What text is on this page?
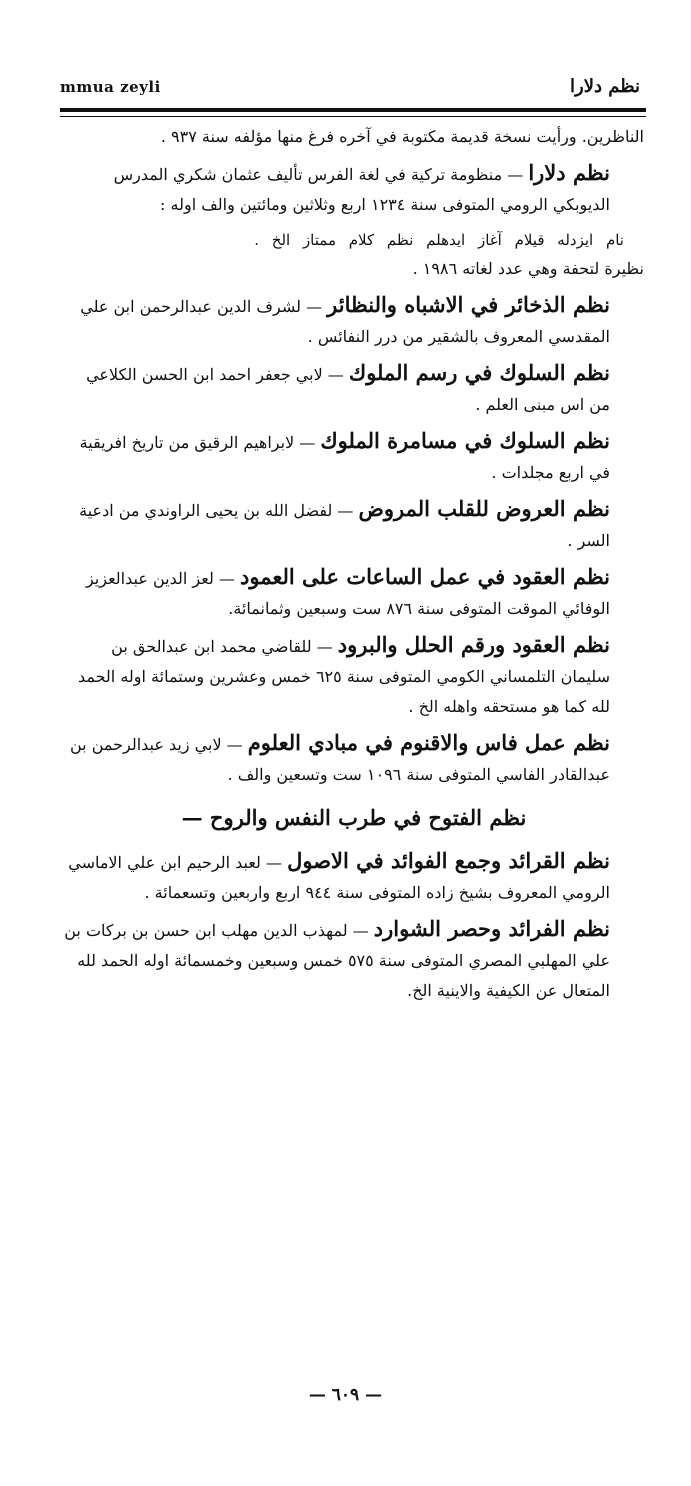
mmua zeyli	نظم دلارا
الناظرين. ورأيت نسخة قديمة مكتوبة في آخره فرغ منها مؤلفه سنة ٩٣٧ .
نظم دلارا — منظومة تركية في لغة الفرس تأليف عثمان شكري المدرس الديوبكي الرومي المتوفى سنة ١٢٣٤ اربع وثلاثين ومائتين والف اوله :
نام ايزدله قيلام آغاز ايدهلم نظم كلام ممتاز الخ .
نظيرة لتحفة وهي عدد لغاته ١٩٨٦ .
نظم الذخائر في الاشباه والنظائر — لشرف الدين عبدالرحمن ابن علي المقدسي المعروف بالشقير من درر النفائس .
نظم السلوك في رسم الملوك — لابي جعفر احمد ابن الحسن الكلاعي من اس مبنى العلم .
نظم السلوك في مسامرة الملوك — لابراهيم الرقيق من تاريخ افريقية في اربع مجلدات .
نظم العروض للقلب المروض — لفضل الله بن يحيى الراوندي من ادعية السر .
نظم العقود في عمل الساعات على العمود — لعز الدين عبدالعزيز الوفائي الموقت المتوفى سنة ٨٧٦ ست وسبعين وثمانمائة.
نظم العقود ورقم الحلل والبرود — للقاضي محمد ابن عبدالحق بن سليمان التلمساني الكومي المتوفى سنة ٦٢٥ خمس وعشرين وستمائة اوله الحمد لله كما هو مستحقه واهله الخ .
نظم عمل فاس والاقنوم في مبادي العلوم — لابي زيد عبدالرحمن بن عبدالقادر الفاسي المتوفى سنة ١٠٩٦ ست وتسعين والف .
نظم الفتوح في طرب النفس والروح —
نظم القرائد وجمع الفوائد في الاصول — لعبد الرحيم ابن علي الاماسي الرومي المعروف بشيخ زاده المتوفى سنة ٩٤٤ اربع واربعين وتسعمائة .
نظم الفرائد وحصر الشوارد — لمهذب الدين مهلب ابن حسن بن بركات بن علي المهلبي المصري المتوفى سنة ٥٧٥ خمس وسبعين وخمسمائة اوله الحمد لله المتعال عن الكيفية والاينية الخ.
— ٦٠٩ —
